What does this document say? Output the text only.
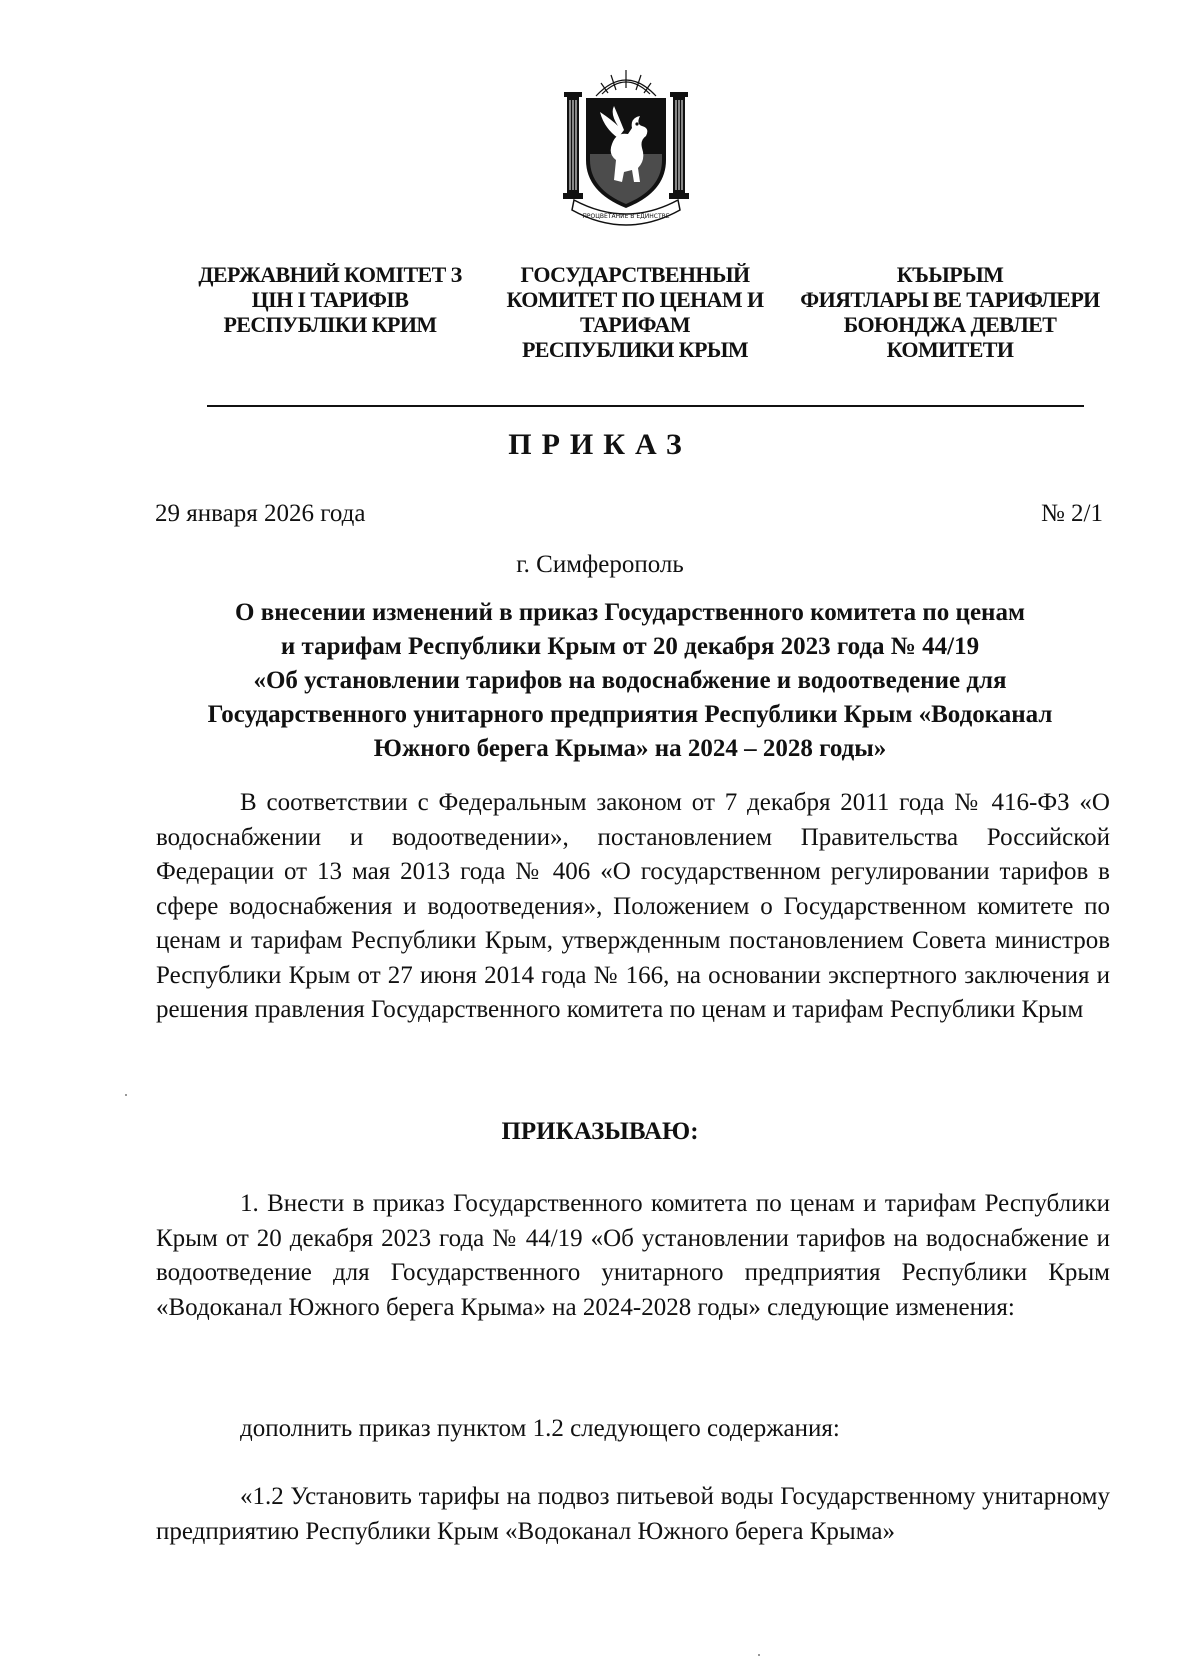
ПРОЦВЕТАНИЕ В ЕДИНСТВЕ
ДЕРЖАВНИЙ КОМІТЕТ З
ЦІН І ТАРИФІВ
РЕСПУБЛІКИ КРИМ
ГОСУДАРСТВЕННЫЙ
КОМИТЕТ ПО ЦЕНАМ И
ТАРИФАМ
РЕСПУБЛИКИ КРЫМ
КЪЫРЫМ
ФИЯТЛАРЫ ВЕ ТАРИФЛЕРИ
БОЮНДЖА ДЕВЛЕТ
КОМИТЕТИ
ПРИКАЗ
29 января 2026 года	№ 2/1
г. Симферополь
О внесении изменений в приказ Государственного комитета по ценам
и тарифам Республики Крым от 20 декабря 2023 года № 44/19
«Об установлении тарифов на водоснабжение и водоотведение для
Государственного унитарного предприятия Республики Крым «Водоканал
Южного берега Крыма» на 2024 – 2028 годы»
В соответствии с Федеральным законом от 7 декабря 2011 года № 416-ФЗ «О водоснабжении и водоотведении», постановлением Правительства Российской Федерации от 13 мая 2013 года № 406 «О государственном регулировании тарифов в сфере водоснабжения и водоотведения», Положением о Государственном комитете по ценам и тарифам Республики Крым, утвержденным постановлением Совета министров Республики Крым от 27 июня 2014 года № 166, на основании экспертного заключения и решения правления Государственного комитета по ценам и тарифам Республики Крым
ПРИКАЗЫВАЮ:
1. Внести в приказ Государственного комитета по ценам и тарифам Республики Крым от 20 декабря 2023 года № 44/19 «Об установлении тарифов на водоснабжение и водоотведение для Государственного унитарного предприятия Республики Крым «Водоканал Южного берега Крыма» на 2024-2028 годы» следующие изменения:
дополнить приказ пунктом 1.2 следующего содержания:
«1.2 Установить тарифы на подвоз питьевой воды Государственному унитарному предприятию Республики Крым «Водоканал Южного берега Крыма»
